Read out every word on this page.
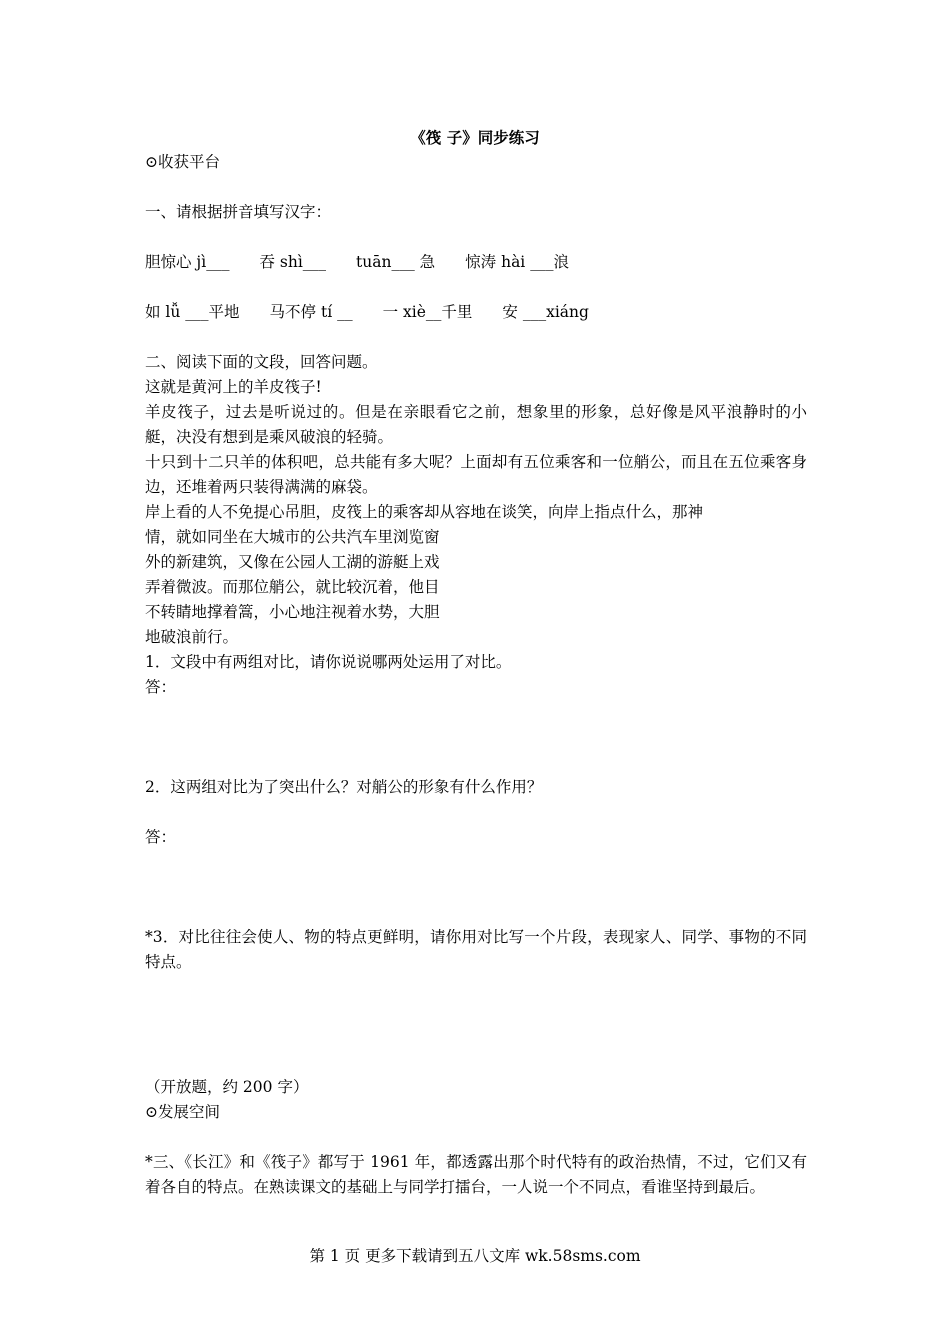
《筏 子》同步练习

⊙收获平台

一、请根据拼音填写汉字：

胆惊心 jì___ 吞 shì___ tuān___ 急 惊涛 hài ___浪
如 lǚ ___平地 马不停 tí __ 一 xiè__千里 安 ___xiáng

二、阅读下面的文段，回答问题。

这就是黄河上的羊皮筏子!

羊皮筏子，过去是听说过的。但是在亲眼看它之前，想象里的形象，总好像是风平浪静时的小艇，决没有想到是乘风破浪的轻骑。

十只到十二只羊的体积吧，总共能有多大呢？上面却有五位乘客和一位艄公，而且在五位乘客身边，还堆着两只装得满满的麻袋。

岸上看的人不免提心吊胆，皮筏上的乘客却从容地在谈笑，向岸上指点什么，那神

情，就如同坐在大城市的公共汽车里浏览窗

外的新建筑，又像在公园人工湖的游艇上戏

弄着微波。而那位艄公，就比较沉着，他目

不转睛地撑着篙，小心地注视着水势，大胆

地破浪前行。

1．文段中有两组对比，请你说说哪两处运用了对比。

答：

2．这两组对比为了突出什么？对艄公的形象有什么作用？

答：

*3．对比往往会使人、物的特点更鲜明，请你用对比写一个片段，表现家人、同学、事物的不同特点。

（开放题，约 200 字）

⊙发展空间

*三、《长江》和《筏子》都写于 1961 年，都透露出那个时代特有的政治热情，不过，它们又有着各自的特点。在熟读课文的基础上与同学打擂台，一人说一个不同点，看谁坚持到最后。

第 1 页 更多下载请到五八文库 wk.58sms.com
